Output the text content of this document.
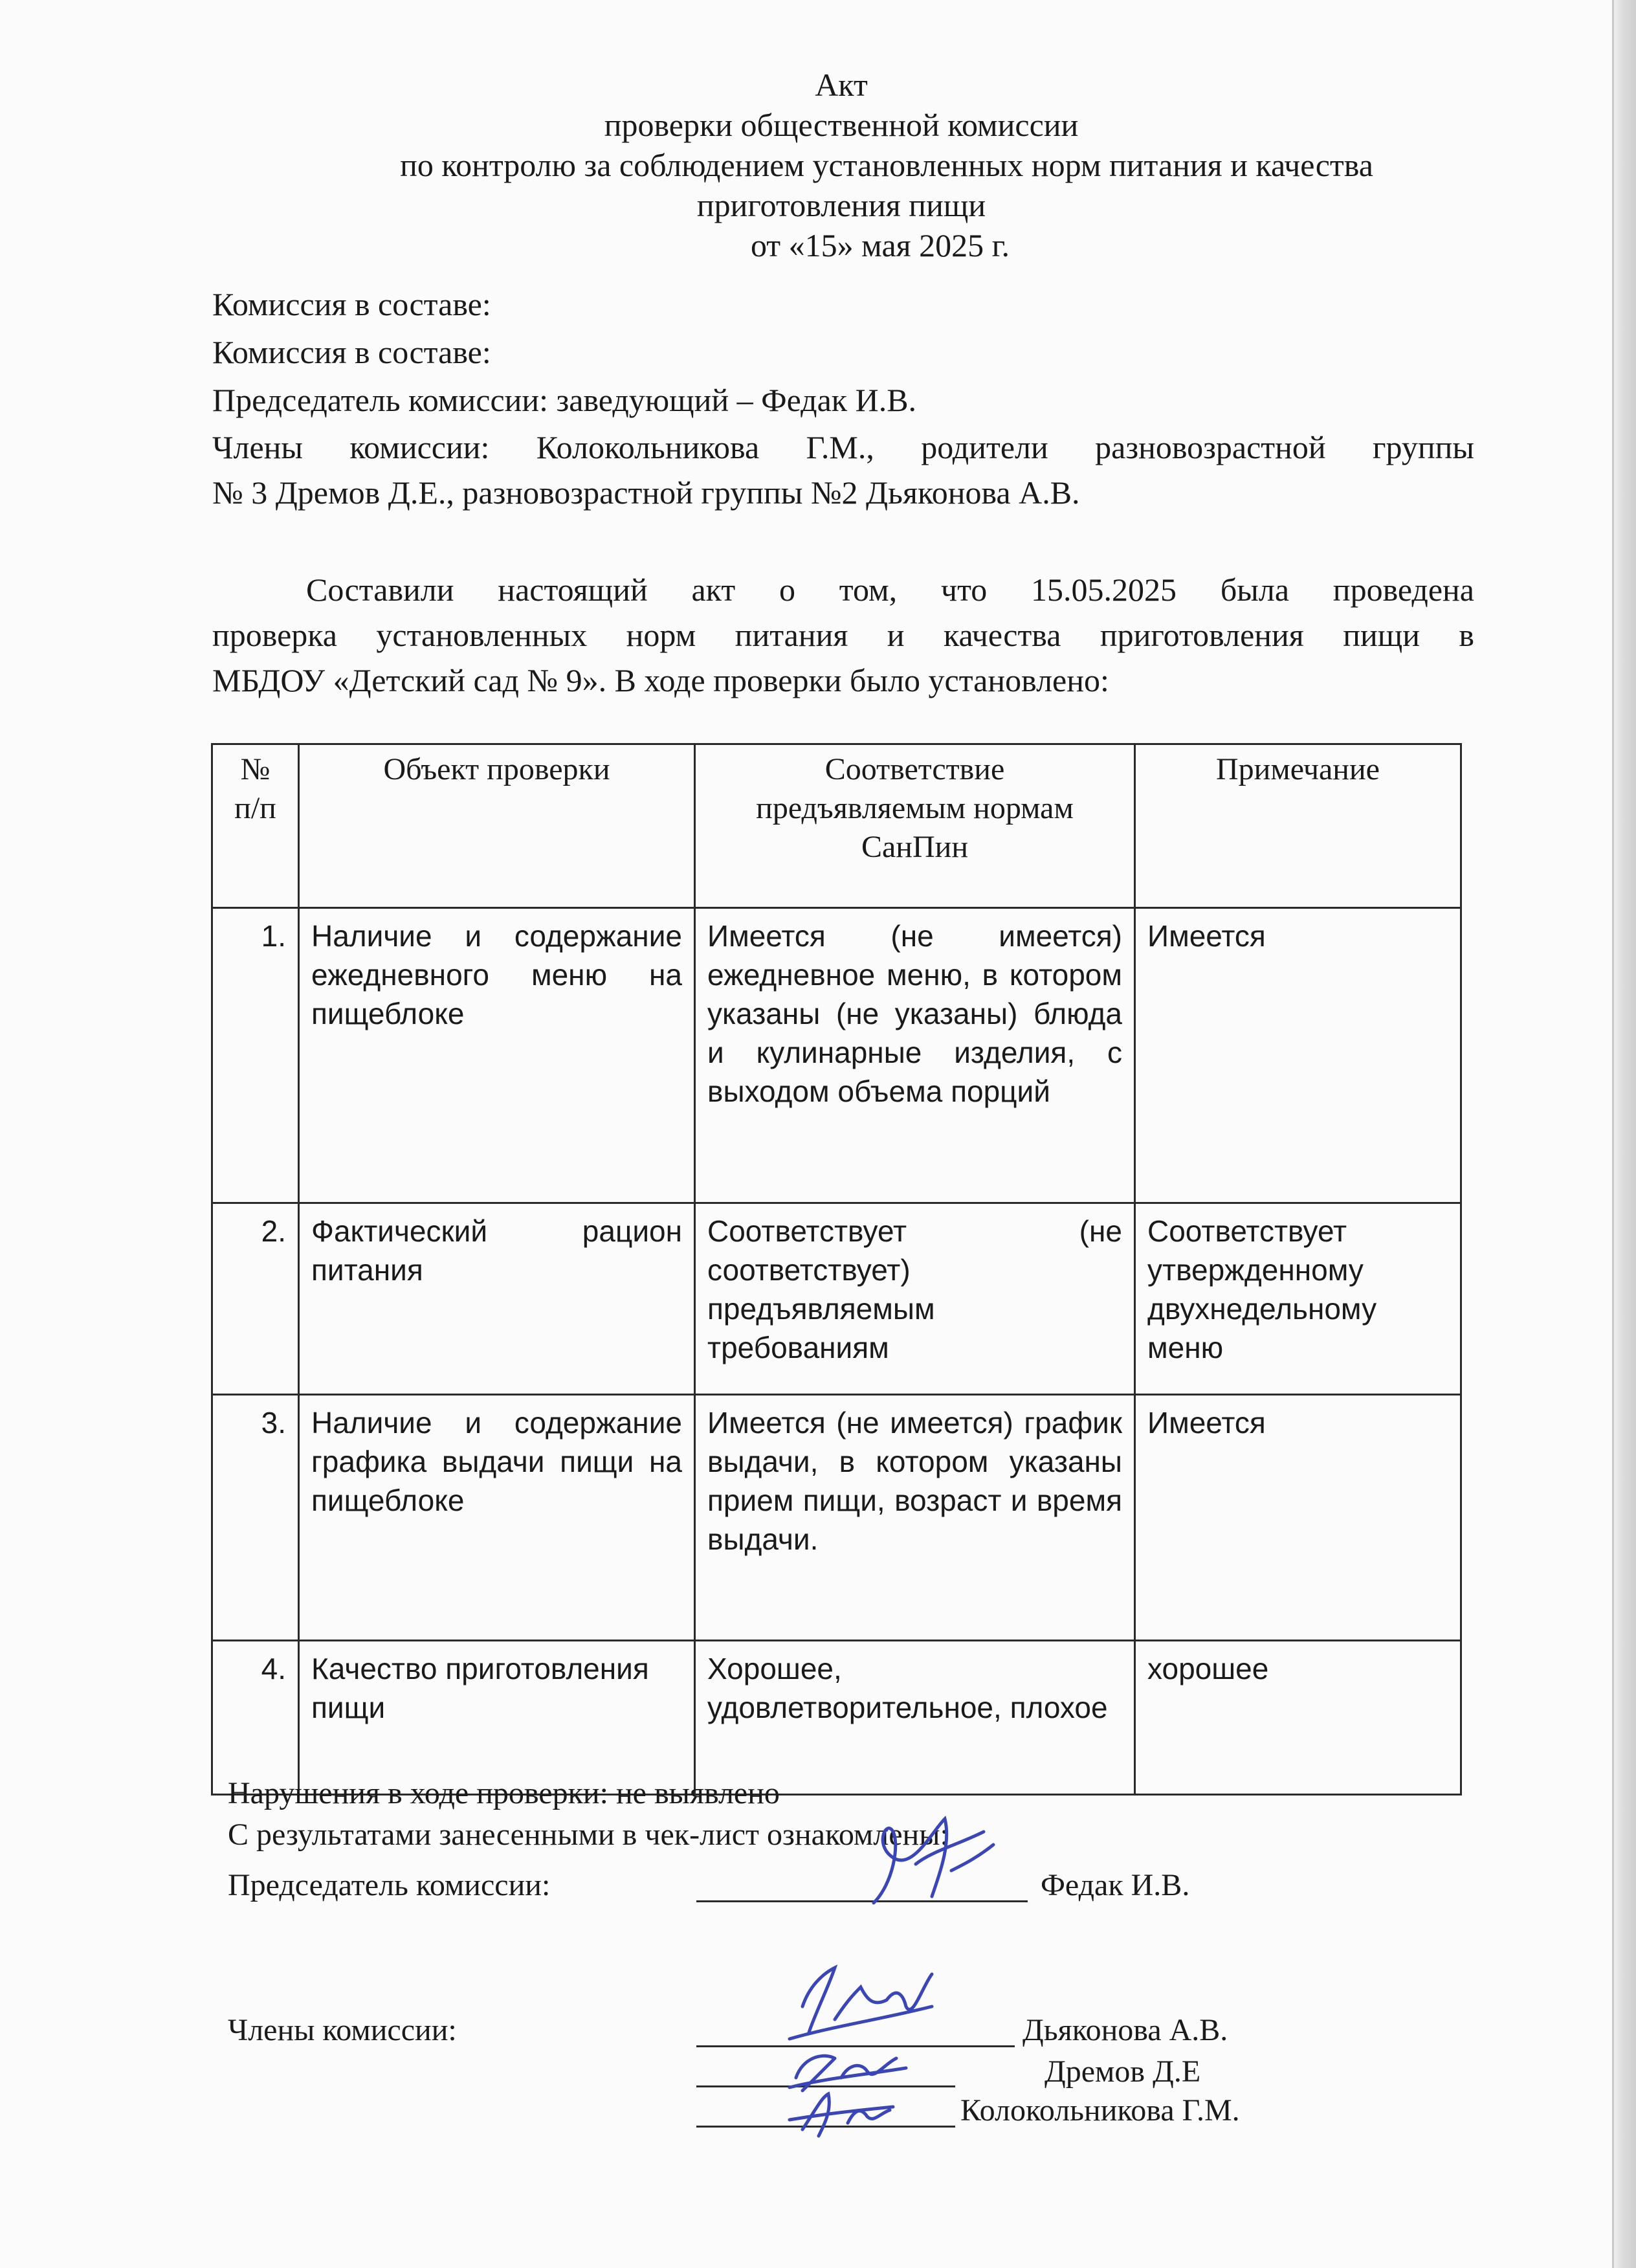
Акт
проверки общественной комиссии
по контролю за соблюдением установленных норм питания и качества
приготовления пищи
от «15» мая 2025 г.
Комиссия в составе:
Комиссия в составе:
Председатель комиссии: заведующий – Федак И.В.
Члены комиссии: Колокольникова Г.М., родители разновозрастной группы
№ 3 Дремов Д.Е., разновозрастной группы №2 Дьяконова А.В.
Составили настоящий акт о том, что 15.05.2025 была проведена
проверка установленных норм питания и качества приготовления пищи в
МБДОУ «Детский сад № 9». В ходе проверки было установлено:
№ п/п	Объект проверки	Соответствие предъявляемым нормам СанПин	Примечание
1.	Наличие и содержание ежедневного меню на пищеблоке	Имеется (не имеется) ежедневное меню, в котором указаны (не указаны) блюда и кулинарные изделия, с выходом объема порций	Имеется
2.	Фактический рацион питания	Соответствует (не соответствует) предъявляемым требованиям	Соответствует утвержденному двухнедельному меню
3.	Наличие и содержание графика выдачи пищи на пищеблоке	Имеется (не имеется) график выдачи, в котором указаны прием пищи, возраст и время выдачи.	Имеется
4.	Качество приготовления пищи	Хорошее, удовлетворительное, плохое	хорошее
Нарушения в ходе проверки: не выявлено
С результатами занесенными в чек-лист ознакомлены:
Председатель комиссии:	Федак И.В.
Члены комиссии:	Дьяконова А.В.
Дремов Д.Е
Колокольникова Г.М.
